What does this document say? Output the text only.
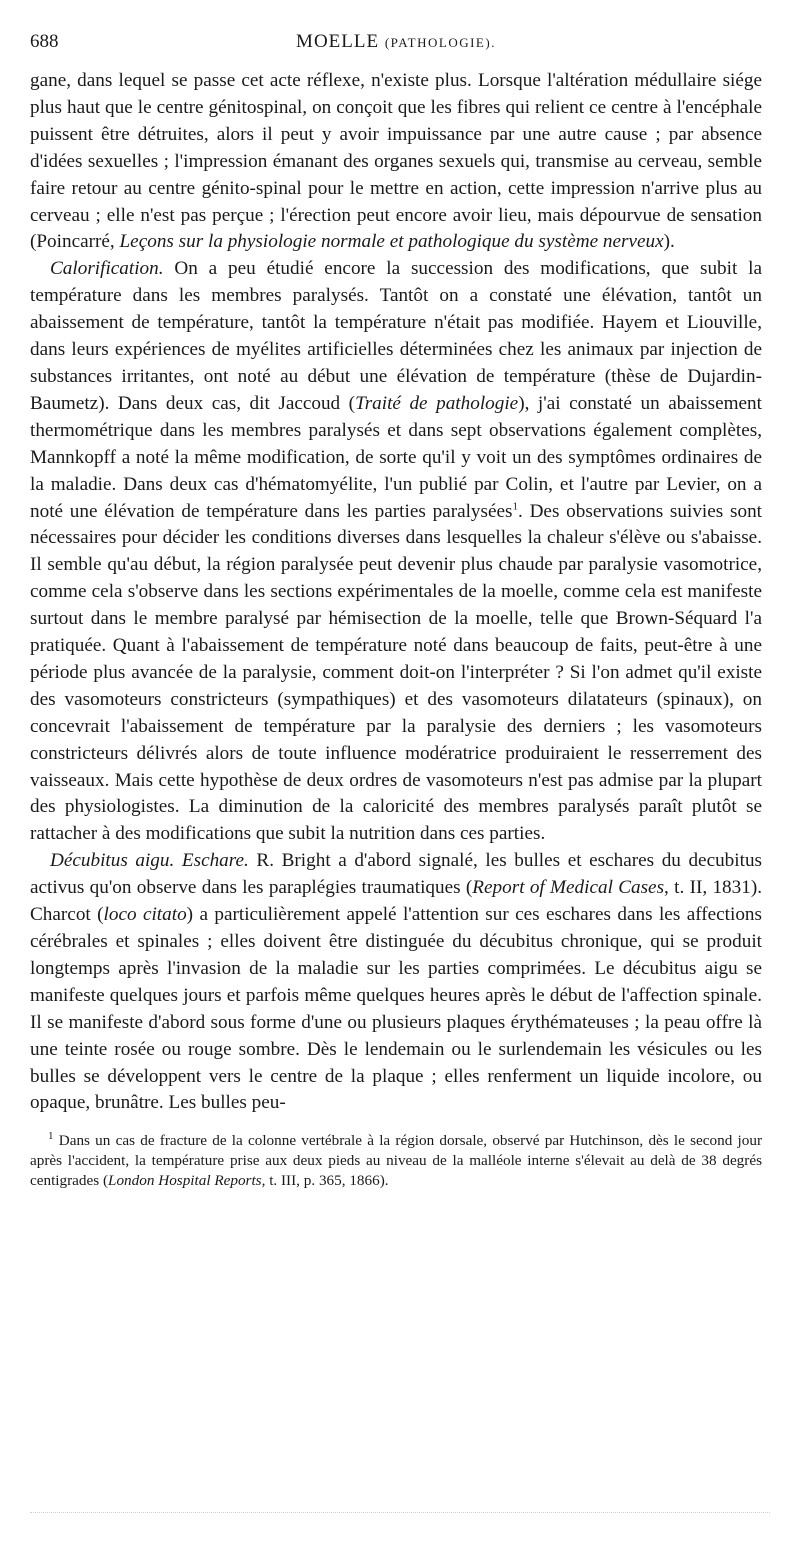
688	MOELLE (PATHOLOGIE).

gane, dans lequel se passe cet acte réflexe, n'existe plus. Lorsque l'altération médullaire siége plus haut que le centre génitospinal, on conçoit que les fibres qui relient ce centre à l'encéphale puissent être détruites, alors il peut y avoir impuissance par une autre cause ; par absence d'idées sexuelles ; l'impression émanant des organes sexuels qui, transmise au cerveau, semble faire retour au centre génito-spinal pour le mettre en action, cette impression n'arrive plus au cerveau ; elle n'est pas perçue ; l'érection peut encore avoir lieu, mais dépourvue de sensation (Poincarré, Leçons sur la physiologie normale et pathologique du système nerveux).

Calorification. On a peu étudié encore la succession des modifications, que subit la température dans les membres paralysés. Tantôt on a constaté une élévation, tantôt un abaissement de température, tantôt la température n'était pas modifiée. Hayem et Liouville, dans leurs expériences de myélites artificielles déterminées chez les animaux par injection de substances irritantes, ont noté au début une élévation de température (thèse de Dujardin-Baumetz). Dans deux cas, dit Jaccoud (Traité de pathologie), j'ai constaté un abaissement thermométrique dans les membres paralysés et dans sept observations également complètes, Mannkopff a noté la même modification, de sorte qu'il y voit un des symptômes ordinaires de la maladie. Dans deux cas d'hématomyélite, l'un publié par Colin, et l'autre par Levier, on a noté une élévation de température dans les parties paralysées$^1$. Des observations suivies sont nécessaires pour décider les conditions diverses dans lesquelles la chaleur s'élève ou s'abaisse. Il semble qu'au début, la région paralysée peut devenir plus chaude par paralysie vasomotrice, comme cela s'observe dans les sections expérimentales de la moelle, comme cela est manifeste surtout dans le membre paralysé par hémisection de la moelle, telle que Brown-Séquard l'a pratiquée. Quant à l'abaissement de température noté dans beaucoup de faits, peut-être à une période plus avancée de la paralysie, comment doit-on l'interpréter ? Si l'on admet qu'il existe des vasomoteurs constricteurs (sympathiques) et des vasomoteurs dilatateurs (spinaux), on concevrait l'abaissement de température par la paralysie des derniers ; les vasomoteurs constricteurs délivrés alors de toute influence modératrice produiraient le resserrement des vaisseaux. Mais cette hypothèse de deux ordres de vasomoteurs n'est pas admise par la plupart des physiologistes. La diminution de la caloricité des membres paralysés paraît plutôt se rattacher à des modifications que subit la nutrition dans ces parties.

Décubitus aigu. Eschare. R. Bright a d'abord signalé, les bulles et eschares du decubitus activus qu'on observe dans les paraplégies traumatiques (Report of Medical Cases, t. II, 1831). Charcot (loco citato) a particulièrement appelé l'attention sur ces eschares dans les affections cérébrales et spinales ; elles doivent être distinguée du décubitus chronique, qui se produit longtemps après l'invasion de la maladie sur les parties comprimées. Le décubitus aigu se manifeste quelques jours et parfois même quelques heures après le début de l'affection spinale. Il se manifeste d'abord sous forme d'une ou plusieurs plaques érythémateuses ; la peau offre là une teinte rosée ou rouge sombre. Dès le lendemain ou le surlendemain les vésicules ou les bulles se développent vers le centre de la plaque ; elles renferment un liquide incolore, ou opaque, brunâtre. Les bulles peu-

$^1$ Dans un cas de fracture de la colonne vertébrale à la région dorsale, observé par Hutchinson, dès le second jour après l'accident, la température prise aux deux pieds au niveau de la malléole interne s'élevait au delà de 38 degrés centigrades (London Hospital Reports, t. III, p. 365, 1866).
